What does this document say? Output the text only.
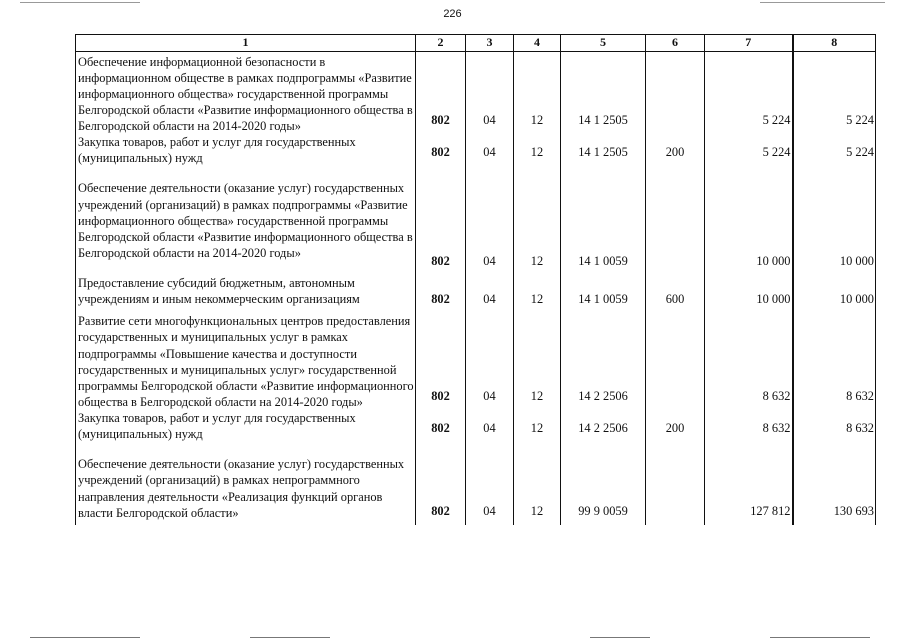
226
1	2	3	4	5	6	7	8
Обеспечение информационной безопасности в информационном обществе в рамках подпрограммы «Развитие информационного общества» государственной программы Белгородской области «Развитие информационного общества в Белгородской области на 2014-2020 годы»	802	04	12	14 1 2505		5 224	5 224
Закупка товаров, работ и услуг для государственных (муниципальных) нужд	802	04	12	14 1 2505	200	5 224	5 224

Обеспечение деятельности (оказание услуг) государственных учреждений (организаций) в рамках подпрограммы «Развитие информационного общества» государственной программы Белгородской области «Развитие информационного общества в Белгородской области на 2014-2020 годы»	802	04	12	14 1 0059		10 000	10 000
Предоставление субсидий бюджетным, автономным учреждениям и иным некоммерческим организациям	802	04	12	14 1 0059	600	10 000	10 000
Развитие сети многофункциональных центров предоставления государственных и муниципальных услуг в рамках подпрограммы «Повышение качества и доступности государственных и муниципальных услуг» государственной программы Белгородской области «Развитие информационного общества в Белгородской области на 2014-2020 годы»	802	04	12	14 2 2506		8 632	8 632
Закупка товаров, работ и услуг для государственных (муниципальных) нужд	802	04	12	14 2 2506	200	8 632	8 632

Обеспечение деятельности (оказание услуг) государственных учреждений (организаций) в рамках непрограммного направления деятельности «Реализация функций органов власти Белгородской области»	802	04	12	99 9 0059		127 812	130 693
